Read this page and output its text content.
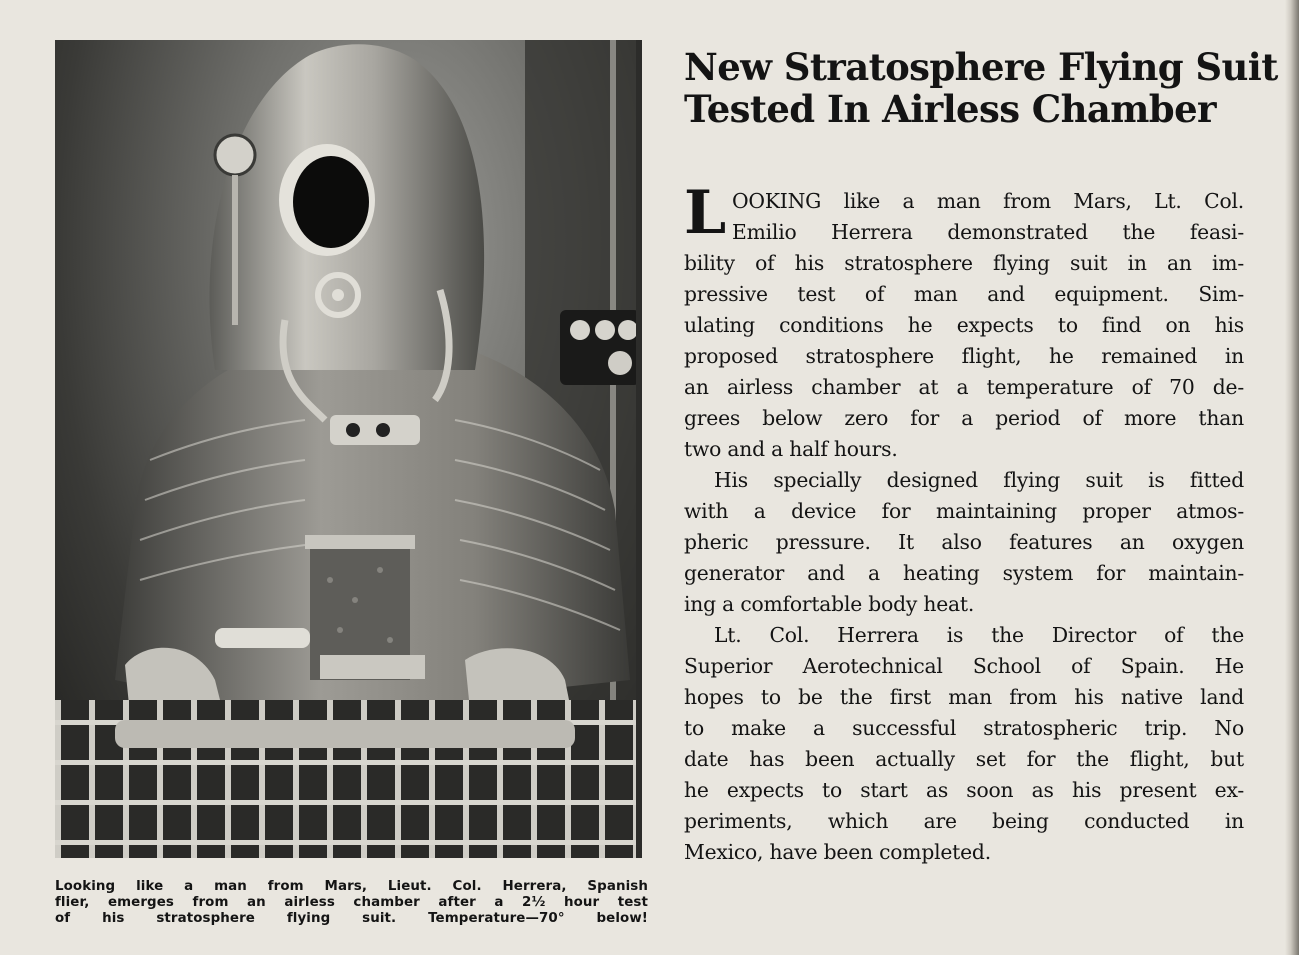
Looking like a man from Mars, Lieut. Col. Herrera, Spanish
flier, emerges from an airless chamber after a 2½ hour test
of his stratosphere flying suit. Temperature—70° below!
New Stratosphere Flying Suit
Tested In Airless Chamber
L OOKING like a man from Mars, Lt. Col.
Emilio Herrera demonstrated the feasi-
bility of his stratosphere flying suit in an im-
pressive test of man and equipment. Sim-
ulating conditions he expects to find on his
proposed stratosphere flight, he remained in
an airless chamber at a temperature of 70 de-
grees below zero for a period of more than
two and a half hours.
His specially designed flying suit is fitted
with a device for maintaining proper atmos-
pheric pressure. It also features an oxygen
generator and a heating system for maintain-
ing a comfortable body heat.
Lt. Col. Herrera is the Director of the
Superior Aerotechnical School of Spain. He
hopes to be the first man from his native land
to make a successful stratospheric trip. No
date has been actually set for the flight, but
he expects to start as soon as his present ex-
periments, which are being conducted in
Mexico, have been completed.
